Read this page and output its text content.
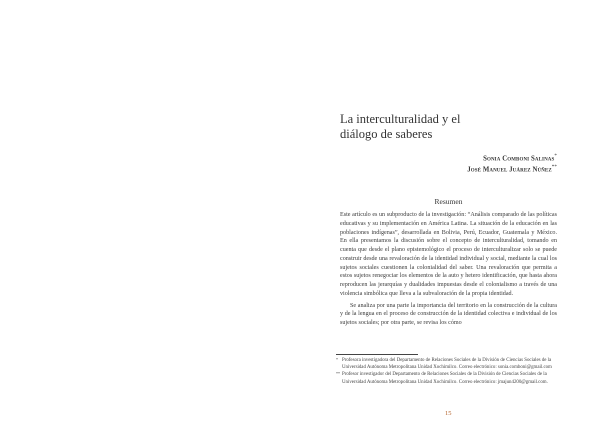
La interculturalidad y el
diálogo de saberes
Sonia Comboni Salinas*
José Manuel Juárez Núñez**
Resumen

Este artículo es un subproducto de la investigación: “Análisis comparado de las políticas educativas y su implementación en América Latina. La situación de la educación en las poblaciones indígenas”, desarrollada en Bolivia, Perú, Ecuador, Guatemala y México. En ella presentamos la discusión sobre el concepto de interculturalidad, tomando en cuenta que desde el plano epistemológico el proceso de interculturalizar solo se puede construir desde una revaloración de la identidad individual y social, mediante la cual los sujetos sociales cuestionen la colonialidad del saber. Una revaloración que permita a estos sujetos renegociar los elementos de la auto y hetero identificación, que hasta ahora reproducen las jerarquías y dualidades impuestas desde el colonialismo a través de una violencia simbólica que lleva a la subvaloración de la propia identidad.

Se analiza por una parte la importancia del territorio en la construcción de la cultura y de la lengua en el proceso de construcción de la identidad colectiva e individual de los sujetos sociales; por otra parte, se revisa los cómo

* Profesora investigadora del Departamento de Relaciones Sociales de la División de Ciencias Sociales de la Universidad Autónoma Metropolitana Unidad Xochimilco. Correo electrónico: sonia.comboni@gmail.com

** Profesor investigador del Departamento de Relaciones Sociales de la División de Ciencias Sociales de la Universidad Autónoma Metropolitana Unidad Xochimilco. Correo electrónico: jmajun4200@gmail.com.

15
